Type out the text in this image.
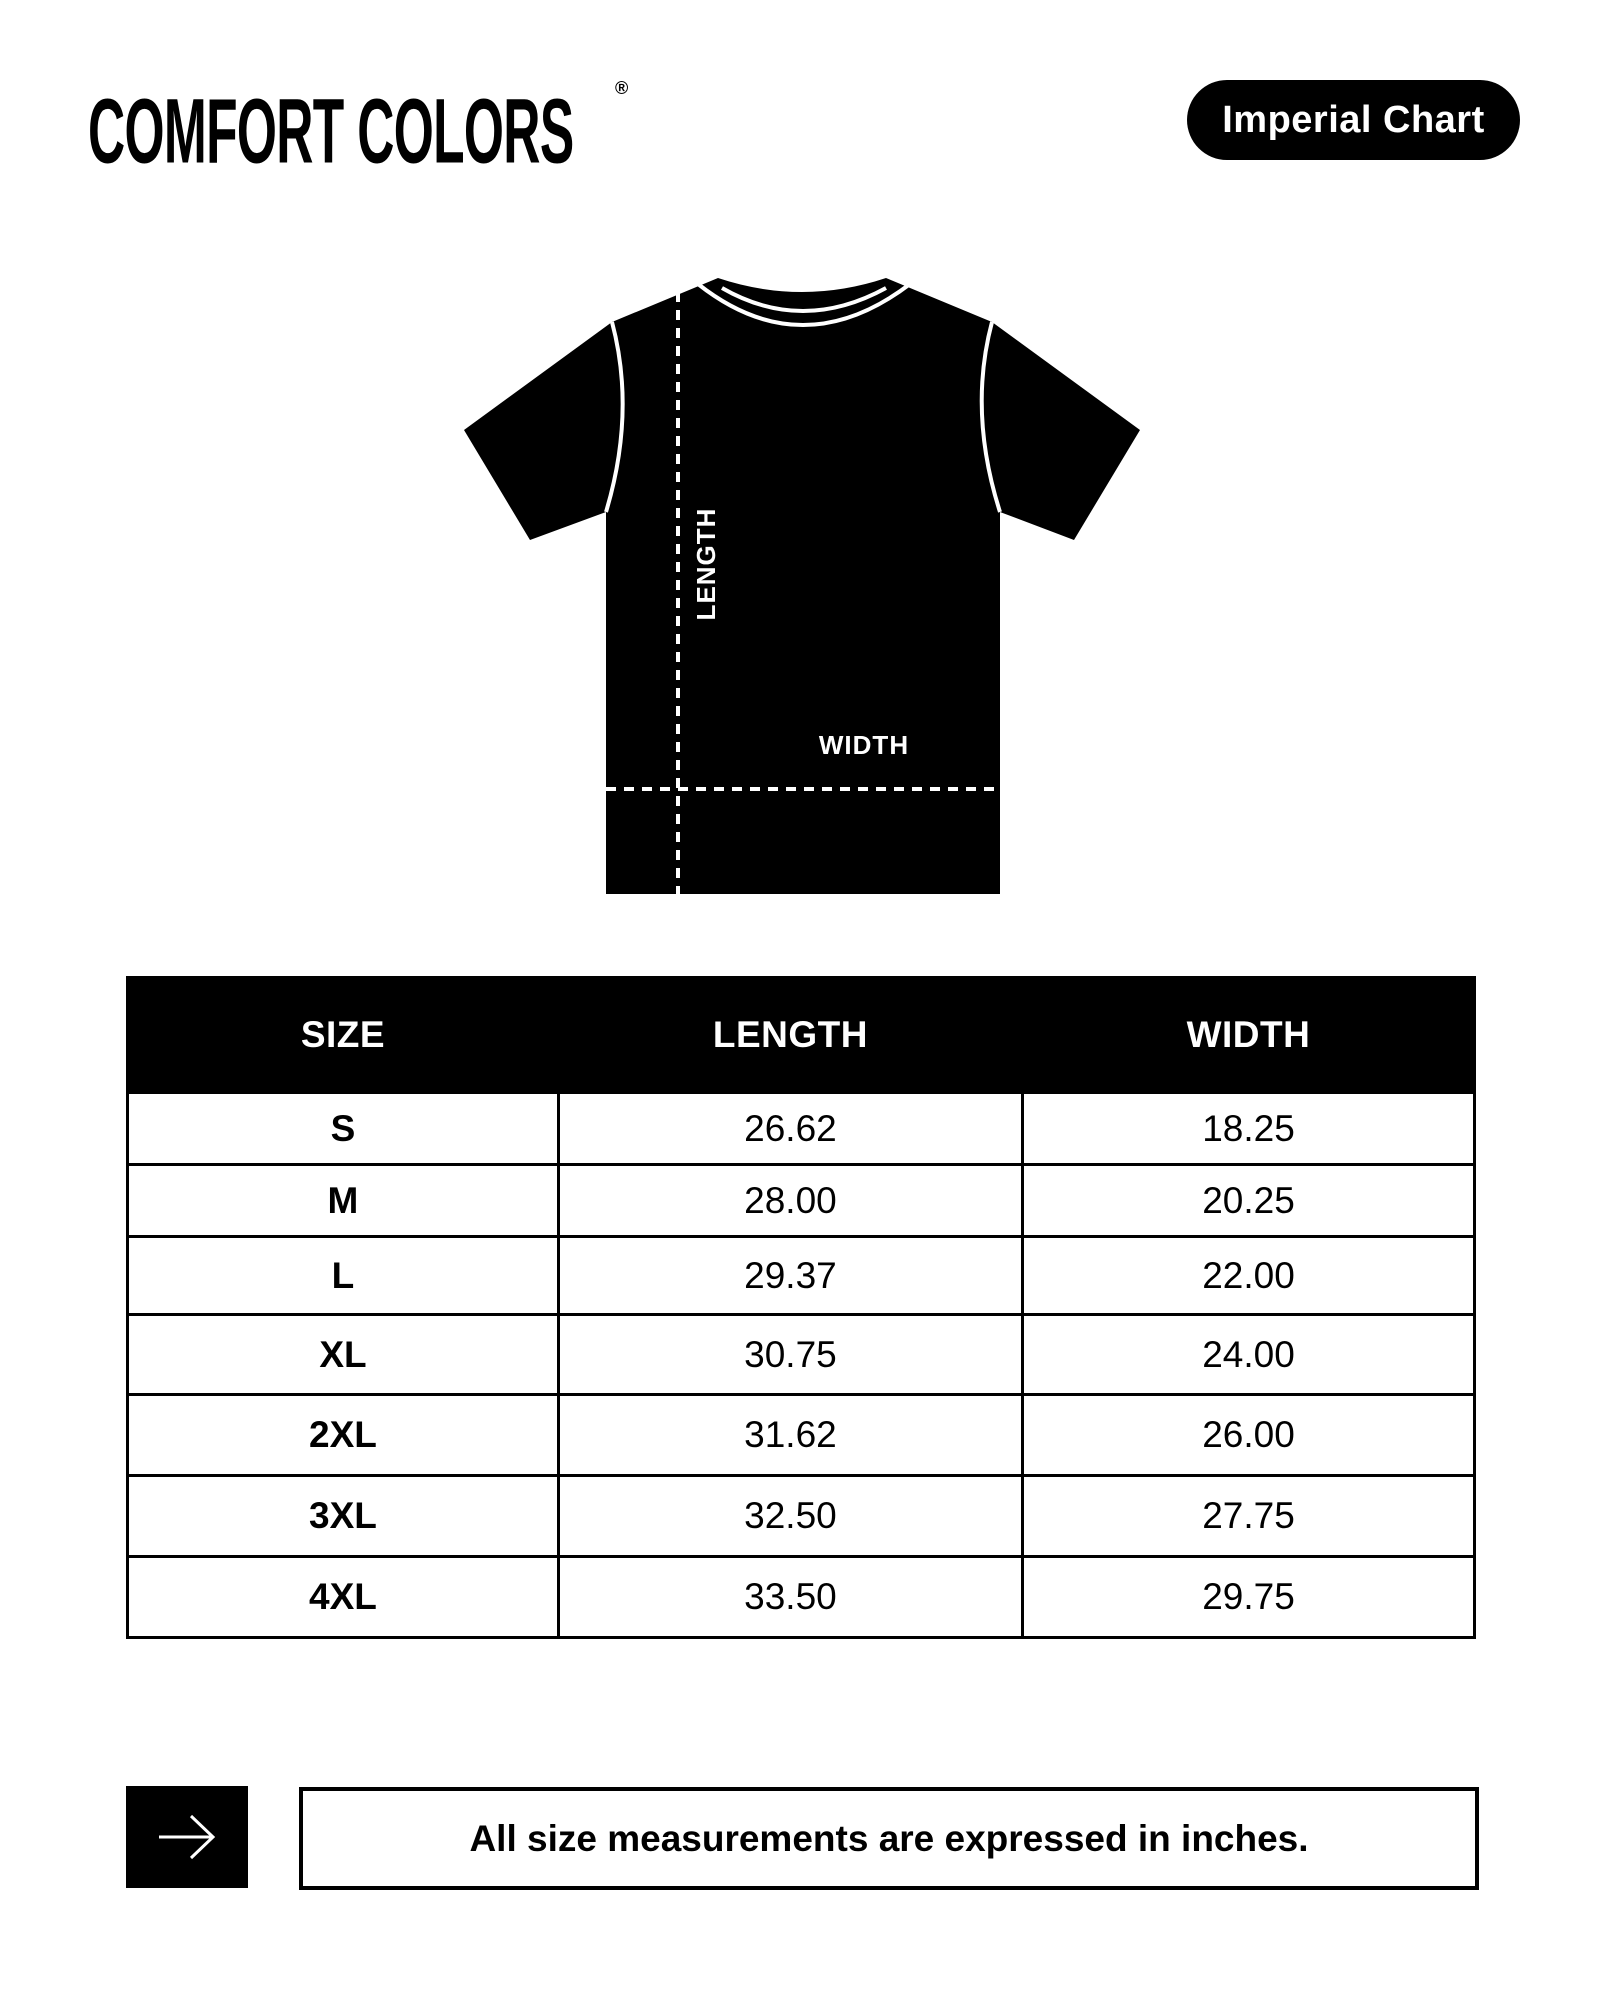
COMFORT COLORS ®
Imperial Chart
LENGTH
WIDTH
SIZE	LENGTH	WIDTH
S	26.62	18.25
M	28.00	20.25
L	29.37	22.00
XL	30.75	24.00
2XL	31.62	26.00
3XL	32.50	27.75
4XL	33.50	29.75
All size measurements are expressed in inches.
